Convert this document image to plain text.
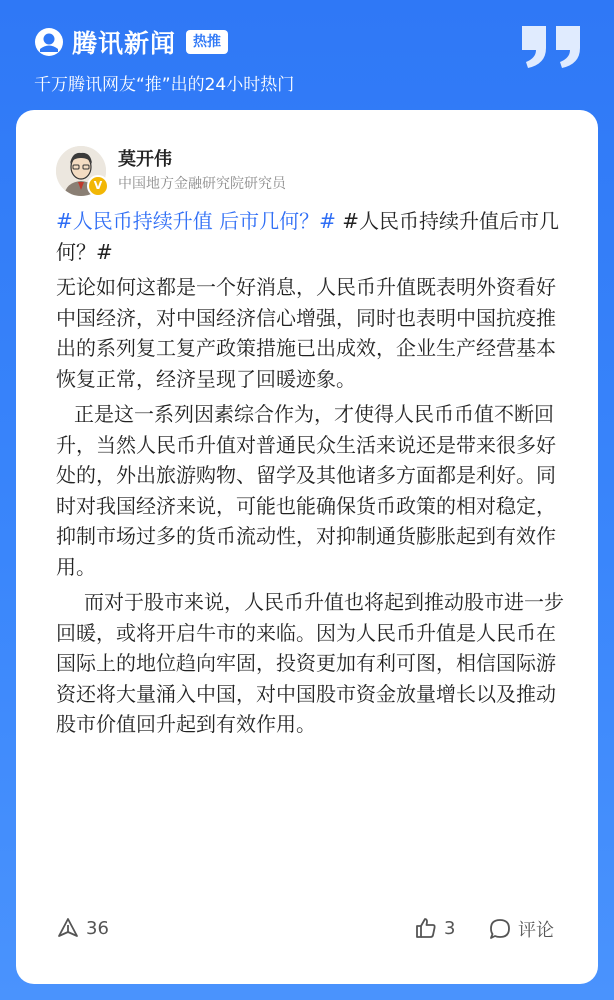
腾讯新闻	热推
千万腾讯网友“推”出的24小时热门
V
莫开伟
中国地方金融研究院研究员

#人民币持续升值 后市几何？# #人民币持续升值后市几何？#

无论如何这都是一个好消息，人民币升值既表明外资看好中国经济，对中国经济信心增强，同时也表明中国抗疫推出的系列复工复产政策措施已出成效，企业生产经营基本恢复正常，经济呈现了回暖迹象。

正是这一系列因素综合作为，才使得人民币币值不断回升，当然人民币升值对普通民众生活来说还是带来很多好处的，外出旅游购物、留学及其他诸多方面都是利好。同时对我国经济来说，可能也能确保货币政策的相对稳定，抑制市场过多的货币流动性，对抑制通货膨胀起到有效作用。

而对于股市来说，人民币升值也将起到推动股市进一步回暖，或将开启牛市的来临。因为人民币升值是人民币在国际上的地位趋向牢固，投资更加有利可图，相信国际游资还将大量涌入中国，对中国股市资金放量增长以及推动股市价值回升起到有效作用。

36	3	评论
